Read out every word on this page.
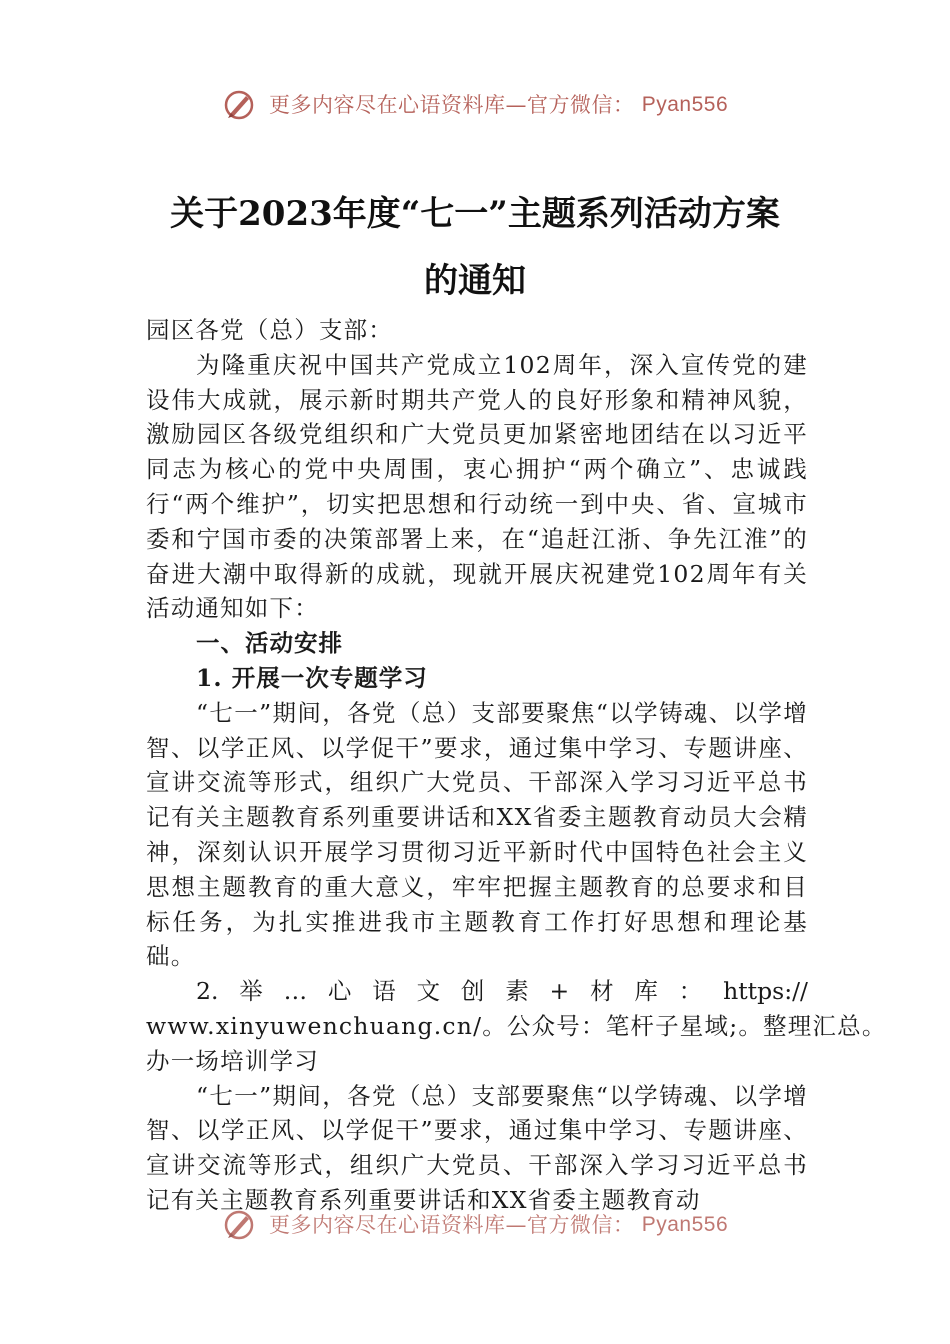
更多内容尽在心语资料库—官方微信： Pyan556
关于2023年度“七一”主题系列活动方案
的通知

园区各党（总）支部：

为隆重庆祝中国共产党成立102周年，深入宣传党的建设伟大成就，展示新时期共产党人的良好形象和精神风貌，激励园区各级党组织和广大党员更加紧密地团结在以习近平同志为核心的党中央周围，衷心拥护“两个确立”、忠诚践行“两个维护”，切实把思想和行动统一到中央、省、宣城市委和宁国市委的决策部署上来，在“追赶江浙、争先江淮”的奋进大潮中取得新的成就，现就开展庆祝建党102周年有关活动通知如下：

一、活动安排

1. 开展一次专题学习

“七一”期间，各党（总）支部要聚焦“以学铸魂、以学增智、以学正风、以学促干”要求，通过集中学习、专题讲座、宣讲交流等形式，组织广大党员、干部深入学习习近平总书记有关主题教育系列重要讲话和XX省委主题教育动员大会精神，深刻认识开展学习贯彻习近平新时代中国特色社会主义思想主题教育的重大意义，牢牢把握主题教育的总要求和目标任务，为扎实推进我市主题教育工作打好思想和理论基础。

2. 举 … 心 语 文 创 素 + 材 库 ： https://

www.xinyuwenchuang.cn/。公众号：笔杆子星域;。整理汇总。

办一场培训学习

“七一”期间，各党（总）支部要聚焦“以学铸魂、以学增智、以学正风、以学促干”要求，通过集中学习、专题讲座、宣讲交流等形式，组织广大党员、干部深入学习习近平总书记有关主题教育系列重要讲话和XX省委主题教育动

更多内容尽在心语资料库—官方微信： Pyan556
